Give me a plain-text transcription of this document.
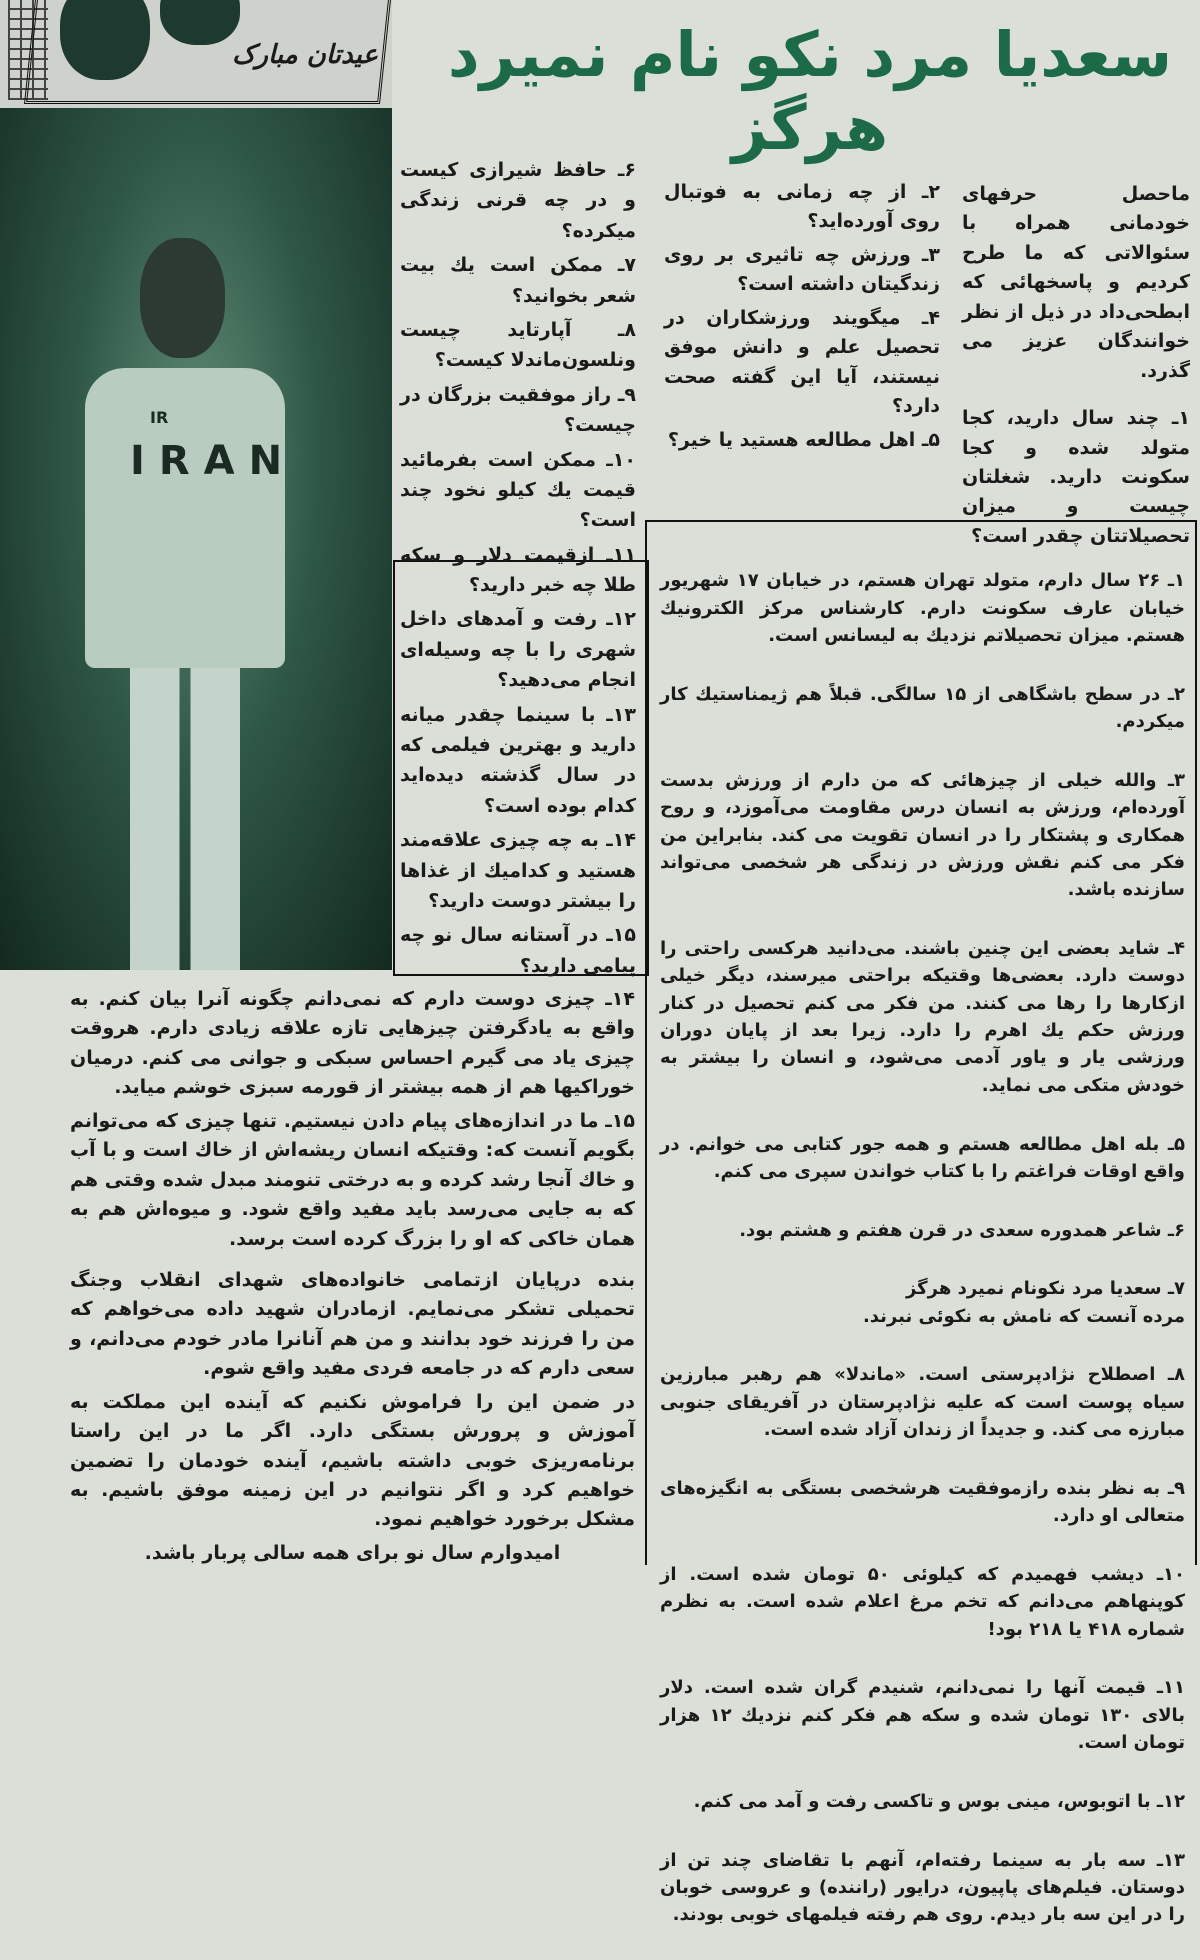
عیدتان مبارک سعدیا مرد نکو نام نمیرد هرگز
IR
IRAN

ماحصل حرفهای خودمانی همراه با سئوالاتی که ما طرح کردیم و پاسخهائی که ابطحی‌داد در ذیل از نظر خوانندگان عزیز می گذرد.

۱ـ چند سال دارید، کجا متولد شده و کجا سکونت دارید. شغلتان چیست و میزان تحصیلاتتان چقدر است؟

۲ـ از چه زمانی به فوتبال روی آورده‌اید؟

۳ـ ورزش چه تاثیری بر روی زندگیتان داشته است؟

۴ـ میگویند ورزشکاران در تحصیل علم و دانش موفق نیستند، آیا این گفته صحت دارد؟

۵ـ اهل مطالعه هستید یا خیر؟

۶ـ حافظ شیرازی کیست و در چه قرنی زندگی میکرده؟

۷ـ ممکن است یك بیت شعر بخوانید؟

۸ـ آپارتاید چیست ونلسون‌ماندلا کیست؟

۹ـ راز موفقیت بزرگان در چیست؟

۱۰ـ ممکن است بفرمائید قیمت یك کیلو نخود چند است؟

۱۱ـ ازقیمت دلار و سکه طلا چه خبر دارید؟

۱۲ـ رفت و آمدهای داخل شهری را با چه وسیله‌ای انجام می‌دهید؟

۱۳ـ با سینما چقدر میانه دارید و بهترین فیلمی که در سال گذشته دیده‌اید کدام بوده است؟

۱۴ـ به چه چیزی علاقه‌مند هستید و کدامیك از غذاها را بیشتر دوست دارید؟

۱۵ـ در آستانه سال نو چه پیامی دارید؟

۱ـ ۲۶ سال دارم، متولد تهران هستم، در خیابان ۱۷ شهریور خیابان عارف سکونت دارم. کارشناس مرکز الکترونیك هستم. میزان تحصیلاتم نزدیك به لیسانس است.

۲ـ در سطح باشگاهی از ۱۵ سالگی. قبلاً هم ژیمناستیك کار میکردم.

۳ـ والله خیلی از چیزهائی که من دارم از ورزش بدست آورده‌ام، ورزش به انسان درس مقاومت می‌آموزد، و روح همکاری و پشتکار را در انسان تقویت می کند. بنابراین من فکر می کنم نقش ورزش در زندگی هر شخصی می‌تواند سازنده باشد.

۴ـ شاید بعضی این چنین باشند. می‌دانید هرکسی راحتی را دوست دارد. بعضی‌ها وقتیکه براحتی میرسند، دیگر خیلی ازکارها را رها می کنند. من فکر می کنم تحصیل در کنار ورزش حکم یك اهرم را دارد. زیرا بعد از پایان دوران ورزشی یار و یاور آدمی می‌شود، و انسان را بیشتر به خودش متکی می نماید.

۵ـ بله اهل مطالعه هستم و همه جور کتابی می خوانم. در واقع اوقات فراغتم را با کتاب خواندن سپری می کنم.

۶ـ شاعر همدوره سعدی در قرن هفتم و هشتم بود.

۷ـ سعدیا مرد نکونام نمیرد هرگز
مرده آنست که نامش به نکوئی نبرند.

۸ـ اصطلاح نژادپرستی است. «ماندلا» هم رهبر مبارزین سیاه پوست است که علیه نژادپرستان در آفریقای جنوبی مبارزه می کند. و جدیداً از زندان آزاد شده است.

۹ـ به نظر بنده رازموفقیت هرشخصی بستگی به انگیزه‌های متعالی او دارد.

۱۰ـ دیشب فهمیدم که کیلوئی ۵۰ تومان شده است. از کوپنهاهم می‌دانم که تخم مرغ اعلام شده است. به نظرم شماره ۴۱۸ یا ۲۱۸ بود!

۱۱ـ قیمت آنها را نمی‌دانم، شنیدم گران شده است. دلار بالای ۱۳۰ تومان شده و سکه هم فکر کنم نزدیك ۱۲ هزار تومان است.

۱۲ـ با اتوبوس، مینی بوس و تاکسی رفت و آمد می کنم.

۱۳ـ سه بار به سینما رفته‌ام، آنهم با تقاضای چند تن از دوستان. فیلم‌های پاپیون، درایور (راننده) و عروسی خوبان را در این سه بار دیدم. روی هم رفته فیلمهای خوبی بودند.

۱۴ـ چیزی دوست دارم که نمی‌دانم چگونه آنرا بیان کنم. به واقع به یادگرفتن چیزهایی تازه علاقه زیادی دارم. هروقت چیزی یاد می گیرم احساس سبکی و جوانی می کنم. درمیان خوراکیها هم از همه بیشتر از قورمه سبزی خوشم میاید.

۱۵ـ ما در اندازه‌های پیام دادن نیستیم. تنها چیزی که می‌توانم بگویم آنست که: وقتیکه انسان ریشه‌اش از خاك است و با آب و خاك آنجا رشد کرده و به درختی تنومند مبدل شده وقتی هم که به جایی می‌رسد باید مفید واقع شود. و میوه‌اش هم به همان خاکی که او را بزرگ کرده است برسد.

بنده درپایان ازتمامی خانواده‌های شهدای انقلاب وجنگ تحمیلی تشکر می‌نمایم. ازمادران شهید داده می‌خواهم که من را فرزند خود بدانند و من هم آنانرا مادر خودم می‌دانم، و سعی دارم که در جامعه فردی مفید واقع شوم.

در ضمن این را فراموش نکنیم که آینده این مملکت به آموزش و پرورش بستگی دارد. اگر ما در این راستا برنامه‌ریزی خوبی داشته باشیم، آینده خودمان را تضمین خواهیم کرد و اگر نتوانیم در این زمینه موفق باشیم. به مشکل برخورد خواهیم نمود.

امیدوارم سال نو برای همه سالی پربار باشد.
